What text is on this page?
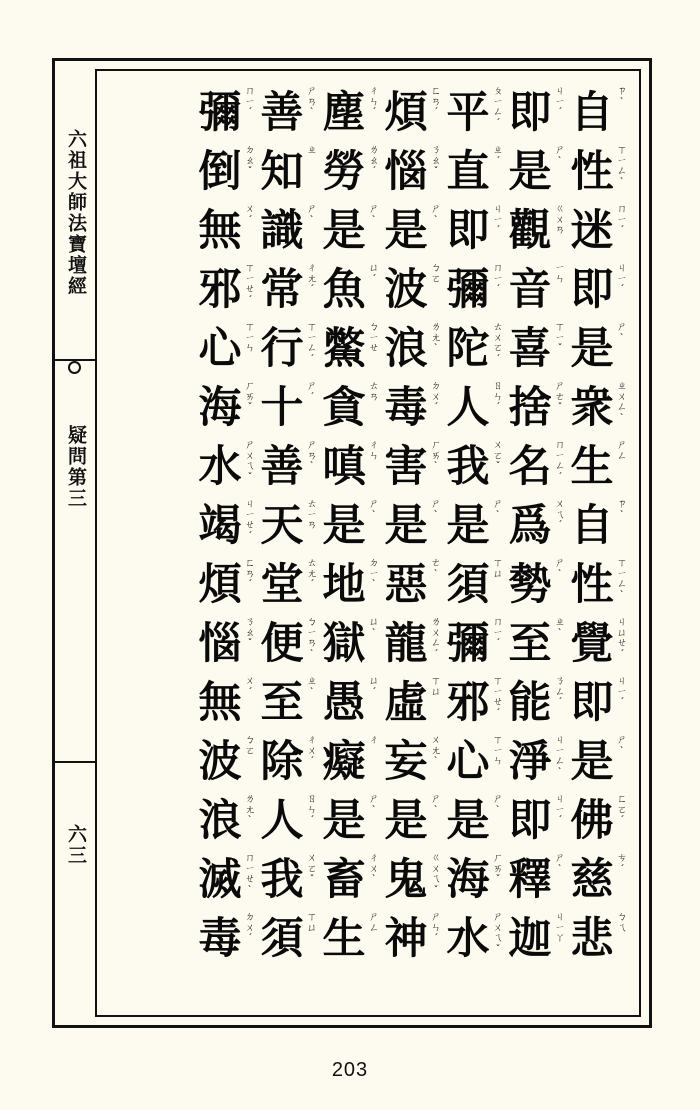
六祖大師法寶壇經
疑問第三
六三
自 ㄗˋ
性 ㄒㄧㄥˋ
迷 ㄇㄧˊ
即 ㄐㄧˊ
是 ㄕˋ
衆 ㄓㄨㄥˋ
生 ㄕㄥ
自 ㄗˋ
性 ㄒㄧㄥˋ
覺 ㄐㄩㄝˊ
即 ㄐㄧˊ
是 ㄕˋ
佛 ㄈㄛˊ
慈 ㄘˊ
悲 ㄅㄟ
即 ㄐㄧˊ
是 ㄕˋ
觀 ㄍㄨㄢ
音 ㄧㄣ
喜 ㄒㄧˇ
捨 ㄕㄜˇ
名 ㄇㄧㄥˊ
爲 ㄨㄟˊ
勢 ㄕˋ
至 ㄓˋ
能 ㄋㄥˊ
淨 ㄐㄧㄥˋ
即 ㄐㄧˊ
釋 ㄕˋ
迦 ㄐㄧㄚ
平 ㄆㄧㄥˊ
直 ㄓˊ
即 ㄐㄧˊ
彌 ㄇㄧˊ
陀 ㄊㄨㄛˊ
人 ㄖㄣˊ
我 ㄨㄛˇ
是 ㄕˋ
須 ㄒㄩ
彌 ㄇㄧˊ
邪 ㄒㄧㄝˊ
心 ㄒㄧㄣ
是 ㄕˋ
海 ㄏㄞˇ
水 ㄕㄨㄟˇ
煩 ㄈㄢˊ
惱 ㄋㄠˇ
是 ㄕˋ
波 ㄅㄛ
浪 ㄌㄤˋ
毒 ㄉㄨˊ
害 ㄏㄞˋ
是 ㄕˋ
惡 ㄜˋ
龍 ㄌㄨㄥˊ
虛 ㄒㄩ
妄 ㄨㄤˋ
是 ㄕˋ
鬼 ㄍㄨㄟˇ
神 ㄕㄣˊ
塵 ㄔㄣˊ
勞 ㄌㄠˊ
是 ㄕˋ
魚 ㄩˊ
鱉 ㄅㄧㄝ
貪 ㄊㄢ
嗔 ㄔㄣ
是 ㄕˋ
地 ㄉㄧˋ
獄 ㄩˋ
愚 ㄩˊ
癡 ㄔ
是 ㄕˋ
畜 ㄔㄨˋ
生 ㄕㄥ
善 ㄕㄢˋ
知 ㄓ
識 ㄕˋ
常 ㄔㄤˊ
行 ㄒㄧㄥˊ
十 ㄕˊ
善 ㄕㄢˋ
天 ㄊㄧㄢ
堂 ㄊㄤˊ
便 ㄅㄧㄢˋ
至 ㄓˋ
除 ㄔㄨˊ
人 ㄖㄣˊ
我 ㄨㄛˇ
須 ㄒㄩ
彌 ㄇㄧˊ
倒 ㄉㄠˇ
無 ㄨˊ
邪 ㄒㄧㄝˊ
心 ㄒㄧㄣ
海 ㄏㄞˇ
水 ㄕㄨㄟˇ
竭 ㄐㄧㄝˊ
煩 ㄈㄢˊ
惱 ㄋㄠˇ
無 ㄨˊ
波 ㄅㄛ
浪 ㄌㄤˋ
滅 ㄇㄧㄝˋ
毒 ㄉㄨˊ
203
